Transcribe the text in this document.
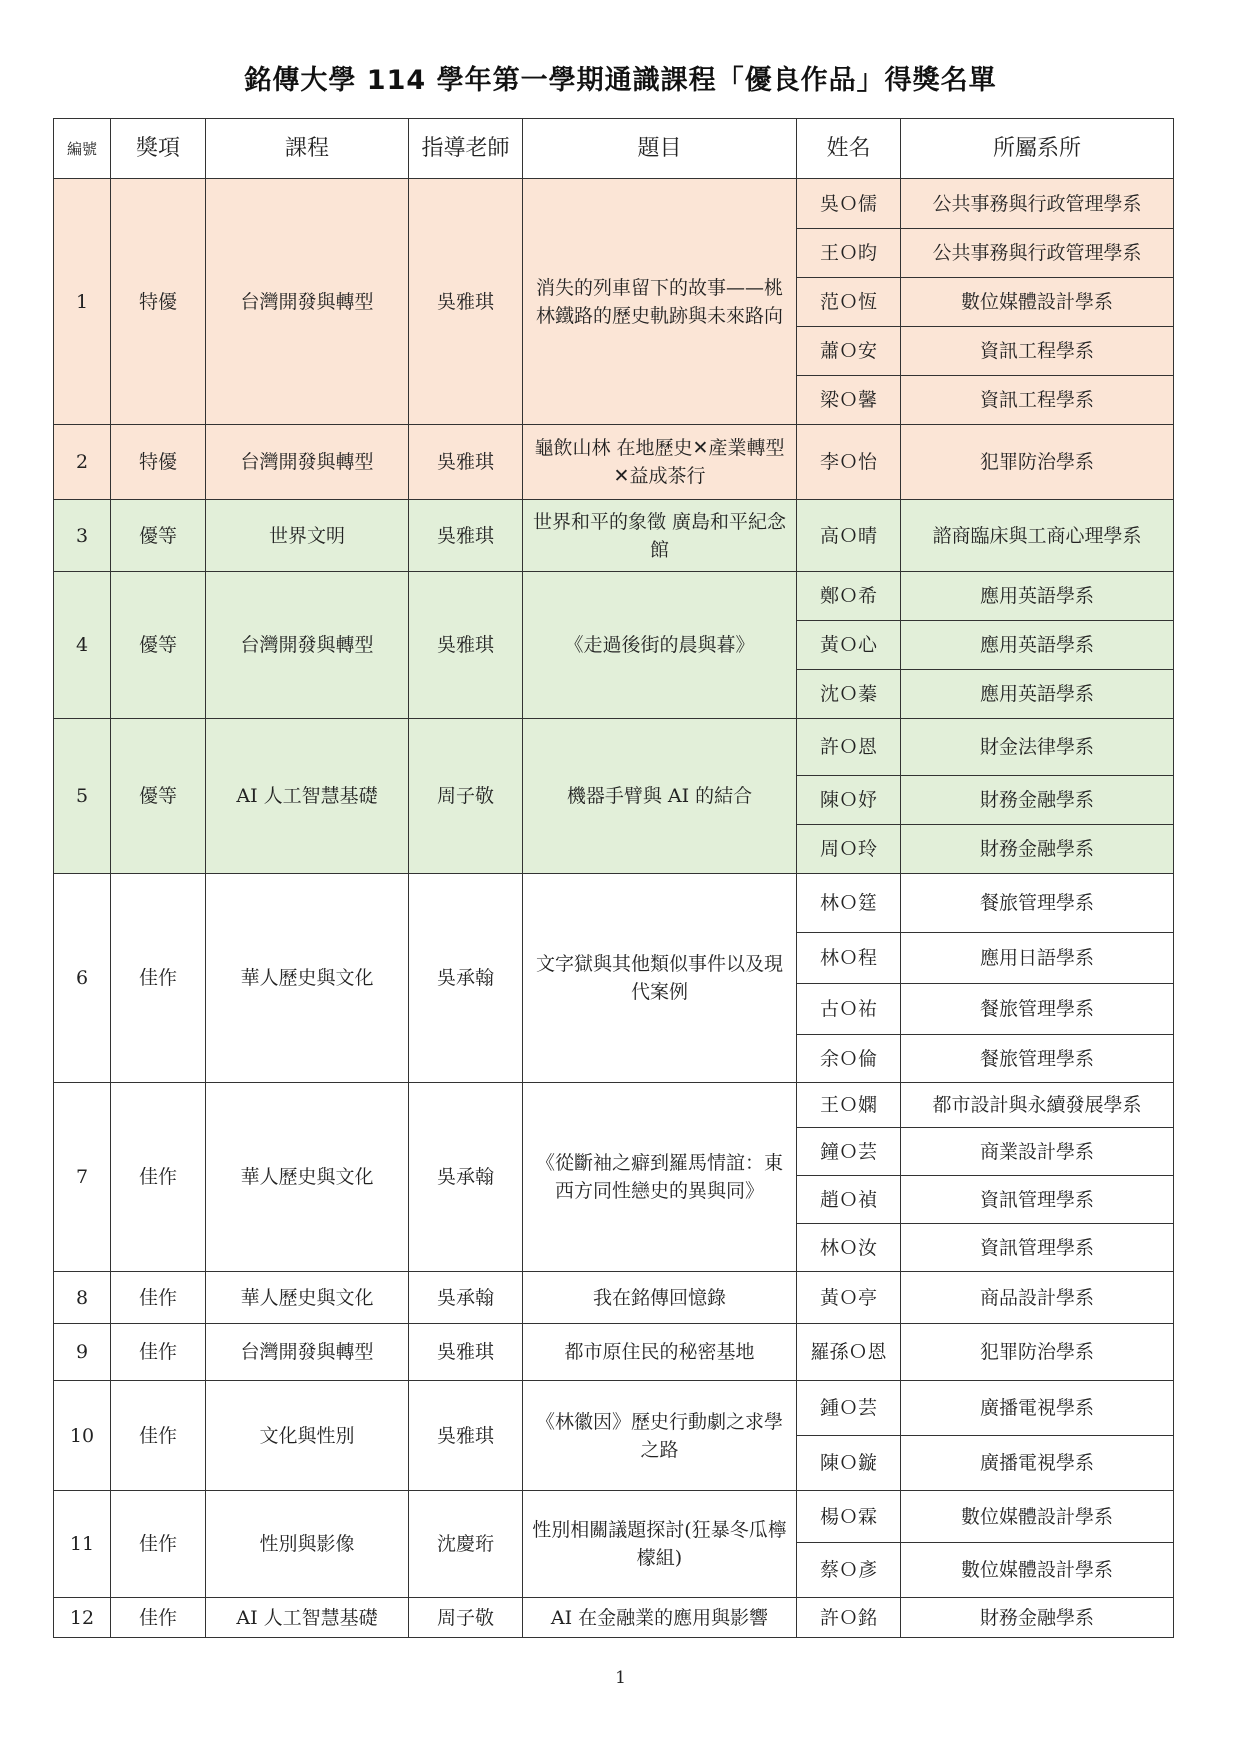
銘傳大學 114 學年第一學期通識課程「優良作品」得獎名單
編號	獎項	課程	指導老師	題目	姓名	所屬系所
1	特優	台灣開發與轉型	吳雅琪	消失的列車留下的故事——桃林鐵路的歷史軌跡與未來路向	吳Ｏ儒	公共事務與行政管理學系
					王Ｏ昀	公共事務與行政管理學系
					范Ｏ恆	數位媒體設計學系
					蕭Ｏ安	資訊工程學系
					梁Ｏ馨	資訊工程學系
2	特優	台灣開發與轉型	吳雅琪	龜飲山林 在地歷史✕產業轉型✕益成茶行	李Ｏ怡	犯罪防治學系
3	優等	世界文明	吳雅琪	世界和平的象徵 廣島和平紀念館	高Ｏ晴	諮商臨床與工商心理學系
4	優等	台灣開發與轉型	吳雅琪	《走過後街的晨與暮》	鄭Ｏ希	應用英語學系
					黃Ｏ心	應用英語學系
					沈Ｏ蓁	應用英語學系
5	優等	AI 人工智慧基礎	周子敬	機器手臂與 AI 的結合	許Ｏ恩	財金法律學系
					陳Ｏ妤	財務金融學系
					周Ｏ玲	財務金融學系
6	佳作	華人歷史與文化	吳承翰	文字獄與其他類似事件以及現代案例	林Ｏ筳	餐旅管理學系
					林Ｏ程	應用日語學系
					古Ｏ祐	餐旅管理學系
					余Ｏ倫	餐旅管理學系
7	佳作	華人歷史與文化	吳承翰	《從斷袖之癖到羅馬情誼：東西方同性戀史的異與同》	王Ｏ嫻	都市設計與永續發展學系
					鐘Ｏ芸	商業設計學系
					趙Ｏ禎	資訊管理學系
					林Ｏ汝	資訊管理學系
8	佳作	華人歷史與文化	吳承翰	我在銘傳回憶錄	黃Ｏ亭	商品設計學系
9	佳作	台灣開發與轉型	吳雅琪	都市原住民的秘密基地	羅孫Ｏ恩	犯罪防治學系
10	佳作	文化與性別	吳雅琪	《林徽因》歷史行動劇之求學之路	鍾Ｏ芸	廣播電視學系
					陳Ｏ鏇	廣播電視學系
11	佳作	性別與影像	沈慶珩	性別相關議題探討(狂暴冬瓜檸檬組)	楊Ｏ霖	數位媒體設計學系
					蔡Ｏ彥	數位媒體設計學系
12	佳作	AI 人工智慧基礎	周子敬	AI 在金融業的應用與影響	許Ｏ銘	財務金融學系
1
